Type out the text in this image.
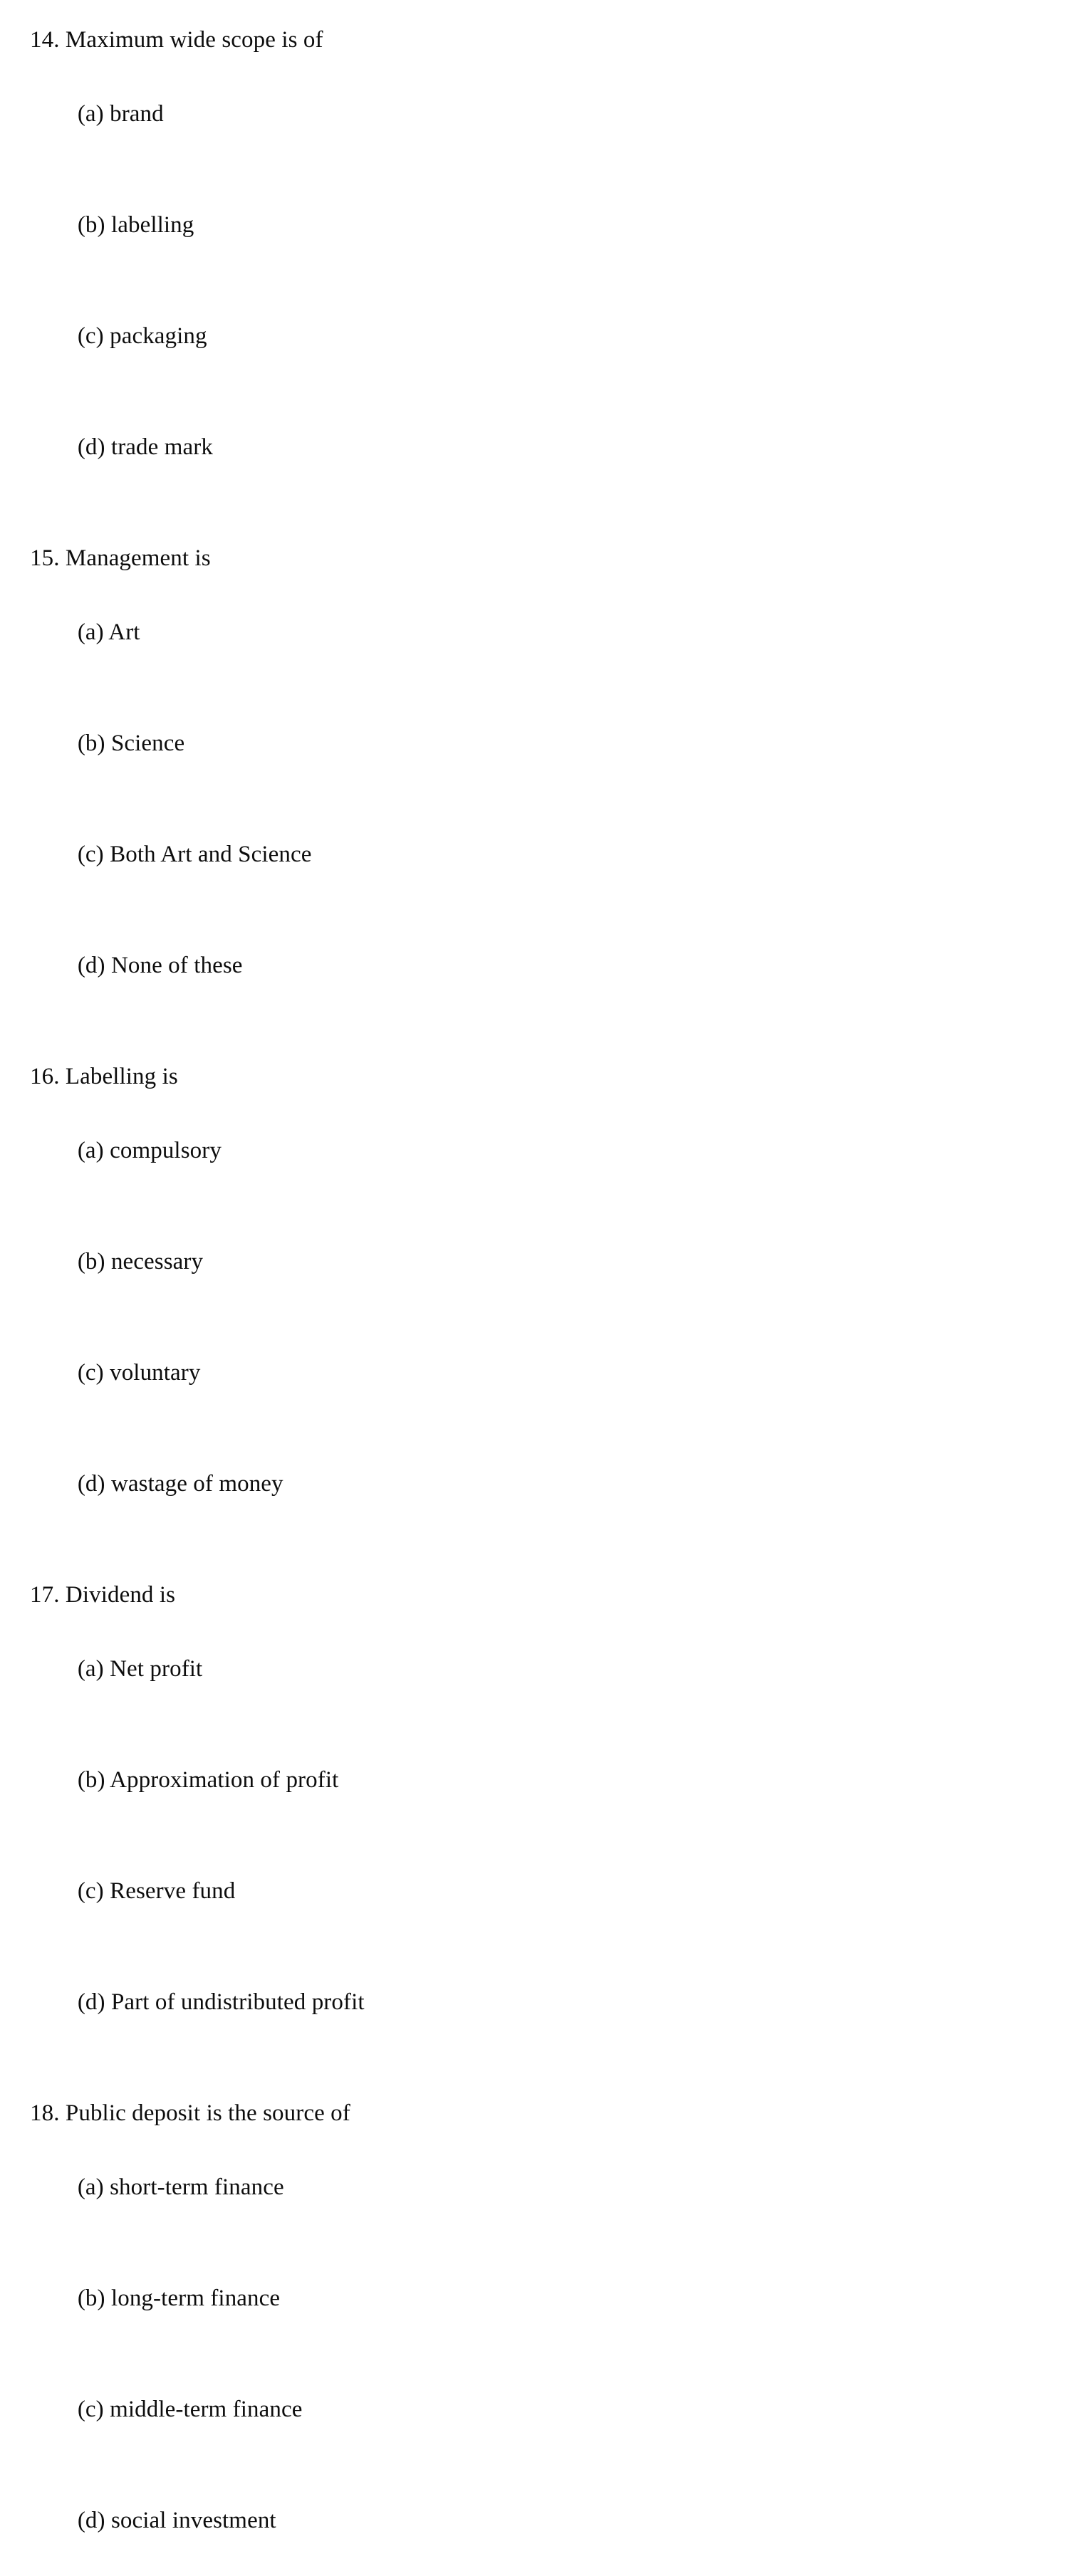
14. Maximum wide scope is of

(a) brand

(b) labelling

(c) packaging

(d) trade mark

15. Management is

(a) Art

(b) Science

(c) Both Art and Science

(d) None of these

16. Labelling is

(a) compulsory

(b) necessary

(c) voluntary

(d) wastage of money

17. Dividend is

(a) Net profit

(b) Approximation of profit

(c) Reserve fund

(d) Part of undistributed profit

18. Public deposit is the source of

(a) short-term finance

(b) long-term finance

(c) middle-term finance

(d) social investment
